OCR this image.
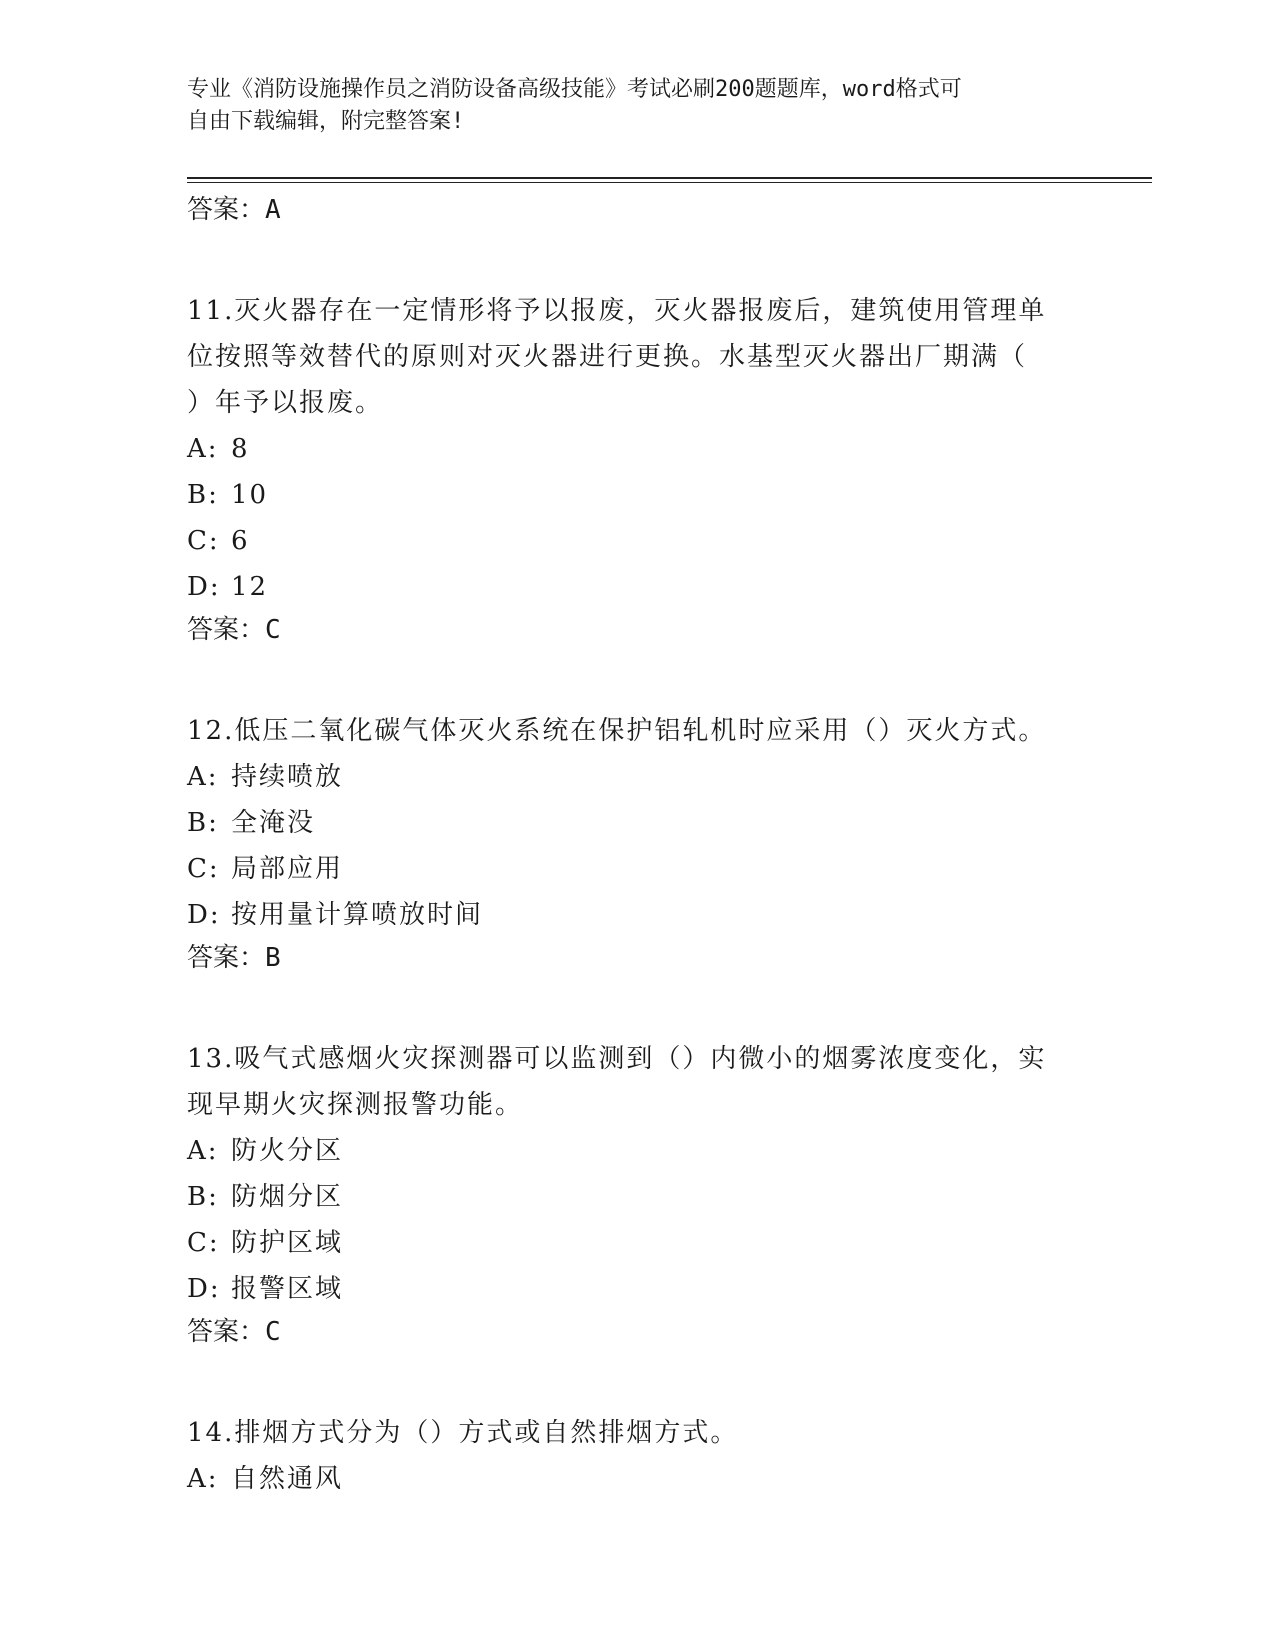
专业《消防设施操作员之消防设备高级技能》考试必刷200题题库，word格式可
自由下载编辑，附完整答案!
答案：A
11.灭火器存在一定情形将予以报废，灭火器报废后，建筑使用管理单
位按照等效替代的原则对灭火器进行更换。水基型灭火器出厂期满（
）年予以报废。
A: 8
B: 10
C: 6
D: 12
答案：C
12.低压二氧化碳气体灭火系统在保护铝轧机时应采用（）灭火方式。
A: 持续喷放
B: 全淹没
C: 局部应用
D: 按用量计算喷放时间
答案：B
13.吸气式感烟火灾探测器可以监测到（）内微小的烟雾浓度变化，实
现早期火灾探测报警功能。
A: 防火分区
B: 防烟分区
C: 防护区域
D: 报警区域
答案：C
14.排烟方式分为（）方式或自然排烟方式。
A: 自然通风
